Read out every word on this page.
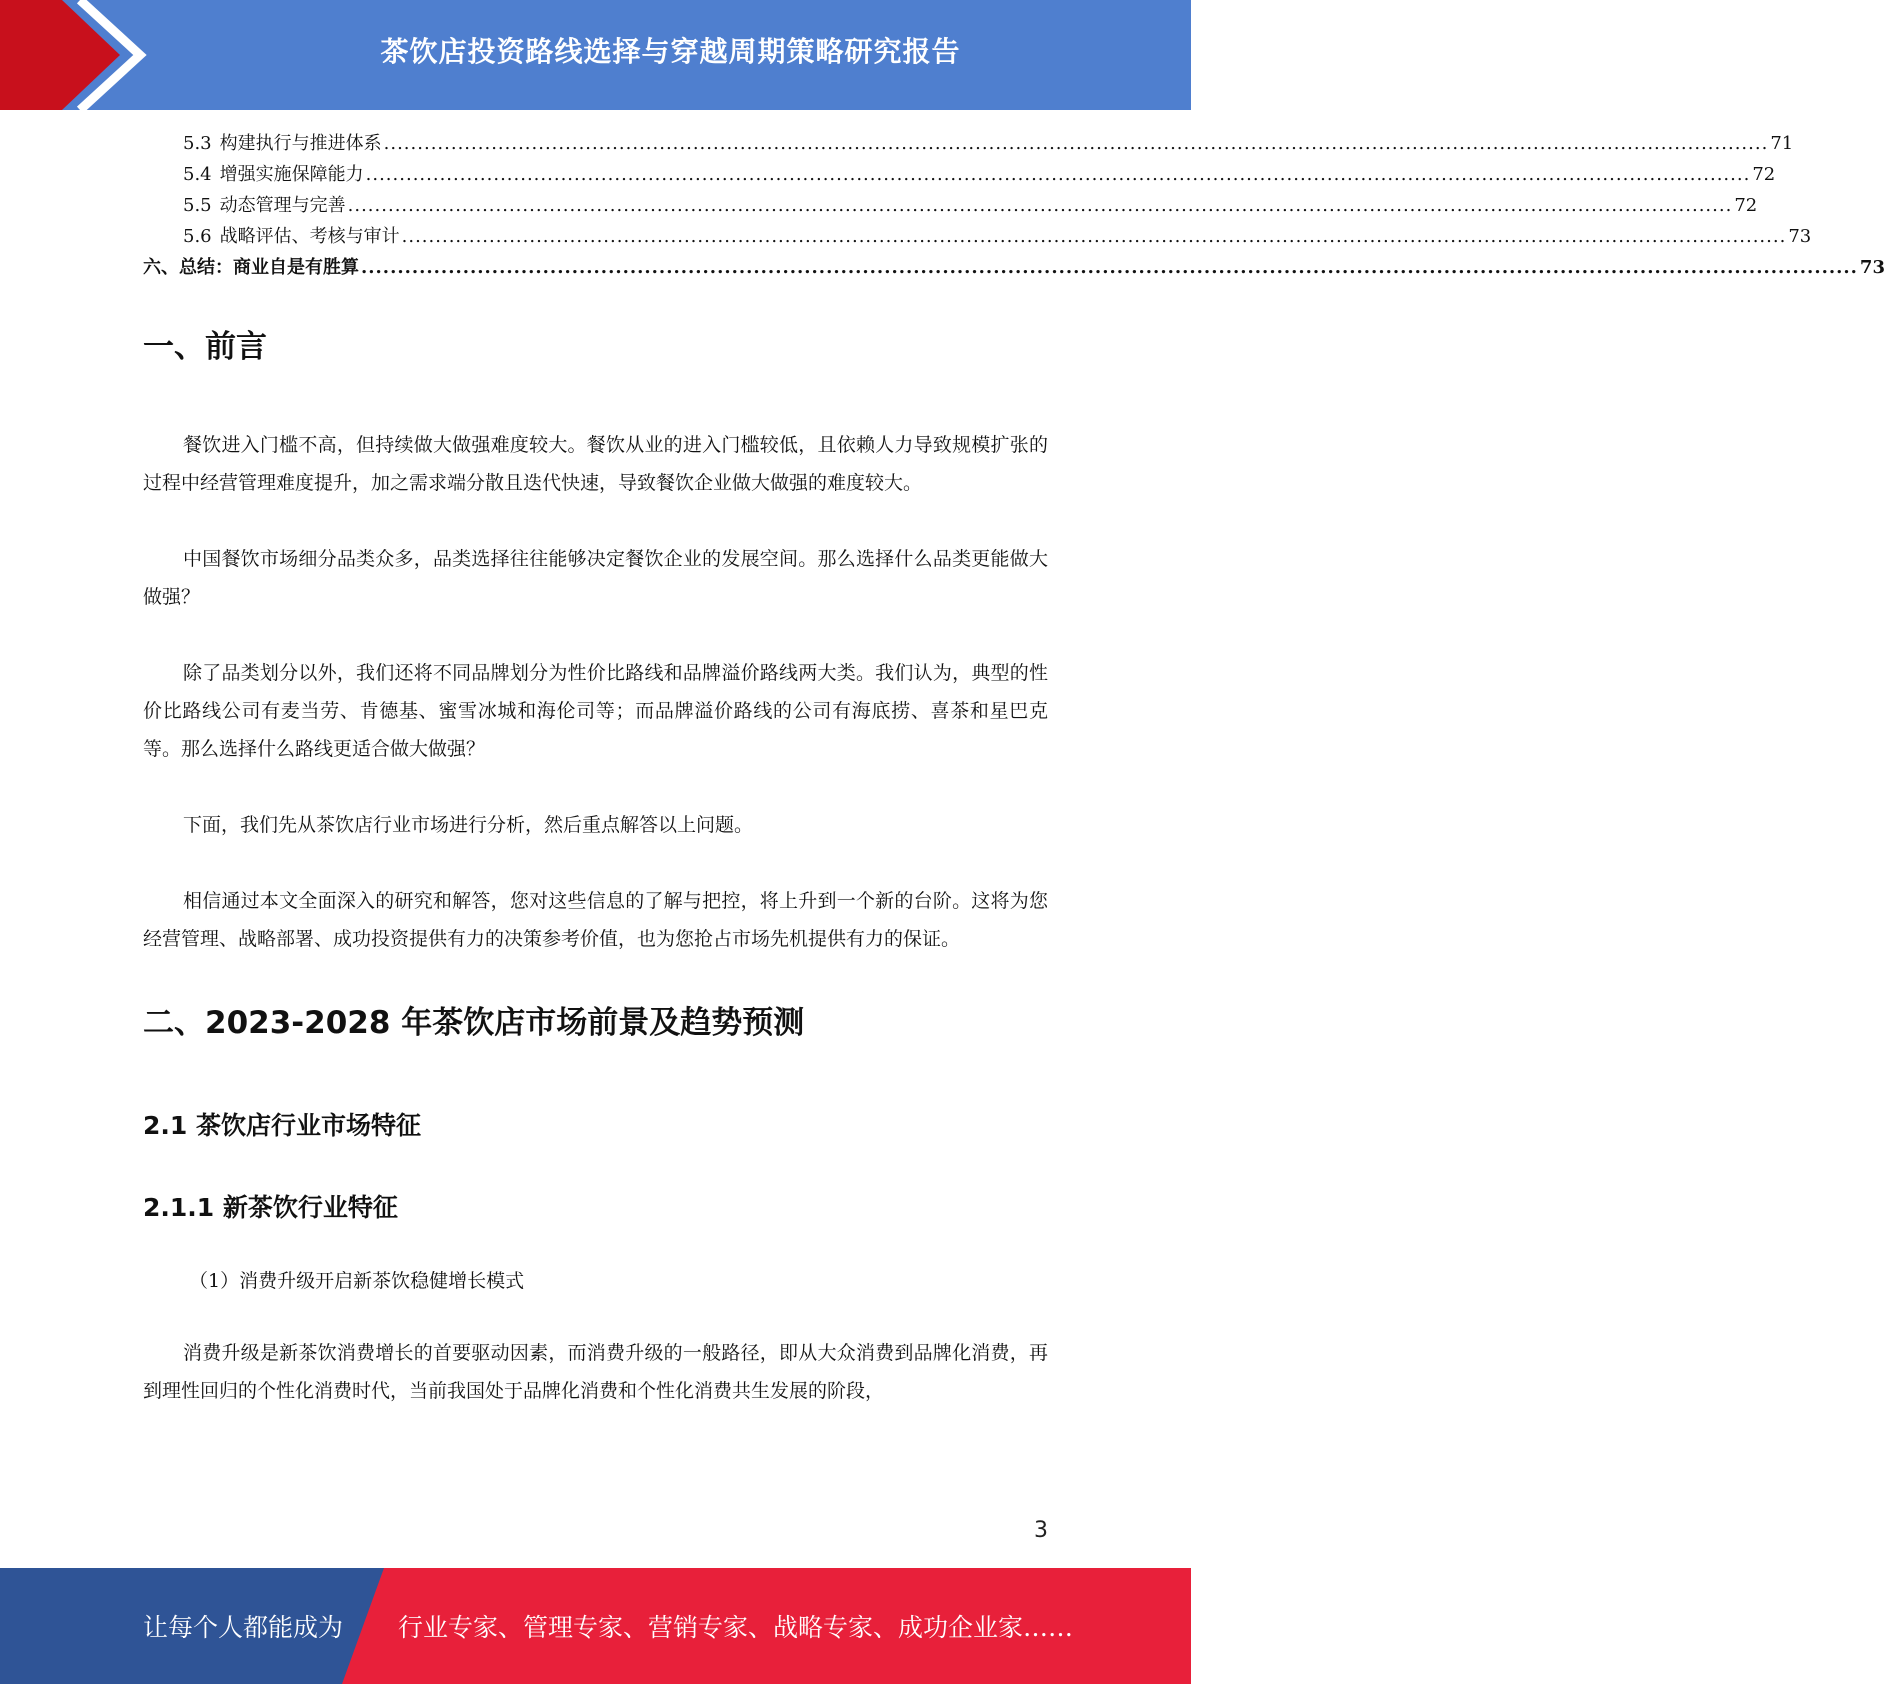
茶饮店投资路线选择与穿越周期策略研究报告
5.3 构建执行与推进体系 .............................................................................................................................................................................................................. 71
5.4 增强实施保障能力 .............................................................................................................................................................................................................. 72
5.5 动态管理与完善 .............................................................................................................................................................................................................. 72
5.6 战略评估、考核与审计 .............................................................................................................................................................................................................. 73
六、总结：商业自是有胜算 .............................................................................................................................................................................................................. 73
一、前言

餐饮进入门槛不高，但持续做大做强难度较大。餐饮从业的进入门槛较低，且依赖人力导致规模扩张的过程中经营管理难度提升，加之需求端分散且迭代快速，导致餐饮企业做大做强的难度较大。

中国餐饮市场细分品类众多，品类选择往往能够决定餐饮企业的发展空间。那么选择什么品类更能做大做强？

除了品类划分以外，我们还将不同品牌划分为性价比路线和品牌溢价路线两大类。我们认为，典型的性价比路线公司有麦当劳、肯德基、蜜雪冰城和海伦司等；而品牌溢价路线的公司有海底捞、喜茶和星巴克等。那么选择什么路线更适合做大做强？

下面，我们先从茶饮店行业市场进行分析，然后重点解答以上问题。

相信通过本文全面深入的研究和解答，您对这些信息的了解与把控，将上升到一个新的台阶。这将为您经营管理、战略部署、成功投资提供有力的决策参考价值，也为您抢占市场先机提供有力的保证。

二、2023-2028 年茶饮店市场前景及趋势预测
2.1 茶饮店行业市场特征
2.1.1 新茶饮行业特征

（1）消费升级开启新茶饮稳健增长模式

消费升级是新茶饮消费增长的首要驱动因素，而消费升级的一般路径，即从大众消费到品牌化消费，再到理性回归的个性化消费时代，当前我国处于品牌化消费和个性化消费共生发展的阶段，

3
让每个人都能成为 行业专家、管理专家、营销专家、战略专家、成功企业家……
